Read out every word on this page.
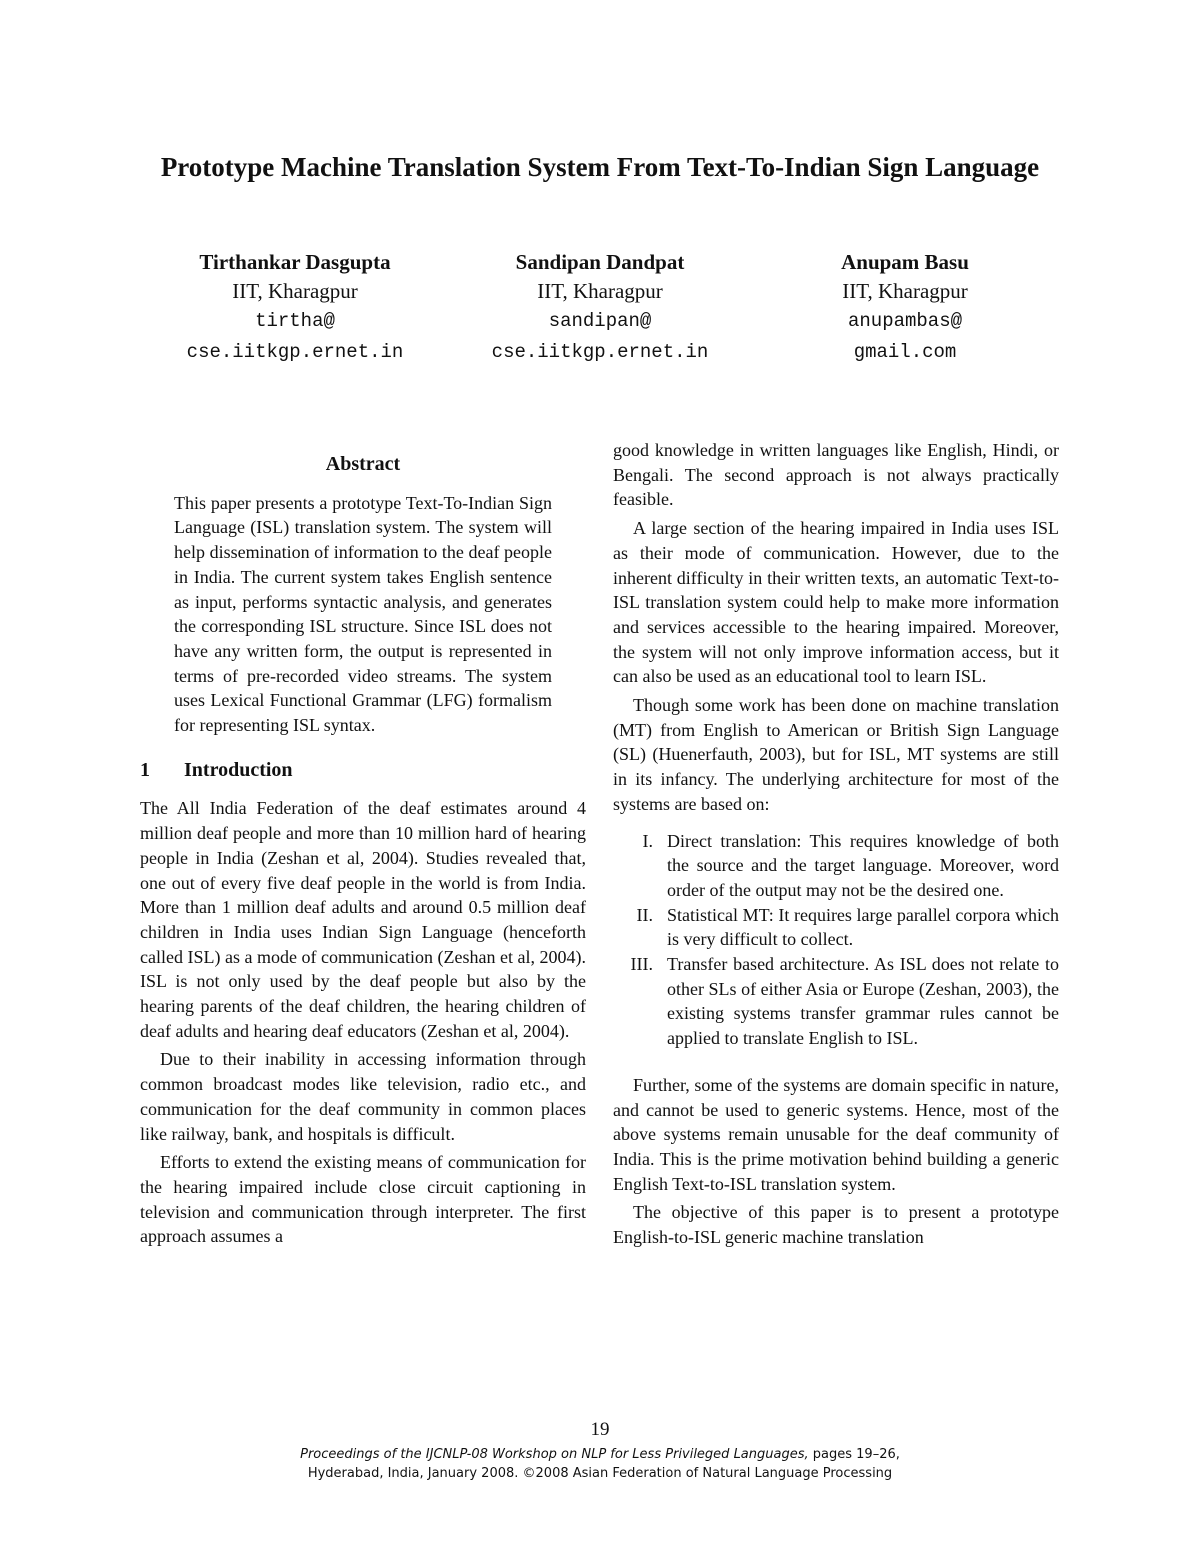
Prototype Machine Translation System From Text-To-Indian Sign Language
Tirthankar Dasgupta
IIT, Kharagpur
tirtha@
cse.iitkgp.ernet.in
Sandipan Dandpat
IIT, Kharagpur
sandipan@
cse.iitkgp.ernet.in
Anupam Basu
IIT, Kharagpur
anupambas@
gmail.com
Abstract
This paper presents a prototype Text-To-Indian Sign Language (ISL) translation system. The system will help dissemination of information to the deaf people in India. The current system takes English sentence as input, performs syntactic analysis, and generates the corresponding ISL structure. Since ISL does not have any written form, the output is represented in terms of pre-recorded video streams. The system uses Lexical Functional Grammar (LFG) formalism for representing ISL syntax.
1 Introduction

The All India Federation of the deaf estimates around 4 million deaf people and more than 10 million hard of hearing people in India (Zeshan et al, 2004). Studies revealed that, one out of every five deaf people in the world is from India. More than 1 million deaf adults and around 0.5 million deaf children in India uses Indian Sign Language (henceforth called ISL) as a mode of communication (Zeshan et al, 2004). ISL is not only used by the deaf people but also by the hearing parents of the deaf children, the hearing children of deaf adults and hearing deaf educators (Zeshan et al, 2004).

Due to their inability in accessing information through common broadcast modes like television, radio etc., and communication for the deaf community in common places like railway, bank, and hospitals is difficult.

Efforts to extend the existing means of communication for the hearing impaired include close circuit captioning in television and communication through interpreter. The first approach assumes a

good knowledge in written languages like English, Hindi, or Bengali. The second approach is not always practically feasible.

A large section of the hearing impaired in India uses ISL as their mode of communication. However, due to the inherent difficulty in their written texts, an automatic Text-to-ISL translation system could help to make more information and services accessible to the hearing impaired. Moreover, the system will not only improve information access, but it can also be used as an educational tool to learn ISL.

Though some work has been done on machine translation (MT) from English to American or British Sign Language (SL) (Huenerfauth, 2003), but for ISL, MT systems are still in its infancy. The underlying architecture for most of the systems are based on:

I. Direct translation: This requires knowledge of both the source and the target language. Moreover, word order of the output may not be the desired one.
II. Statistical MT: It requires large parallel corpora which is very difficult to collect.
III. Transfer based architecture. As ISL does not relate to other SLs of either Asia or Europe (Zeshan, 2003), the existing systems transfer grammar rules cannot be applied to translate English to ISL.

Further, some of the systems are domain specific in nature, and cannot be used to generic systems. Hence, most of the above systems remain unusable for the deaf community of India. This is the prime motivation behind building a generic English Text-to-ISL translation system.

The objective of this paper is to present a prototype English-to-ISL generic machine translation

19
Proceedings of the IJCNLP-08 Workshop on NLP for Less Privileged Languages, pages 19–26,
Hyderabad, India, January 2008. ©2008 Asian Federation of Natural Language Processing
